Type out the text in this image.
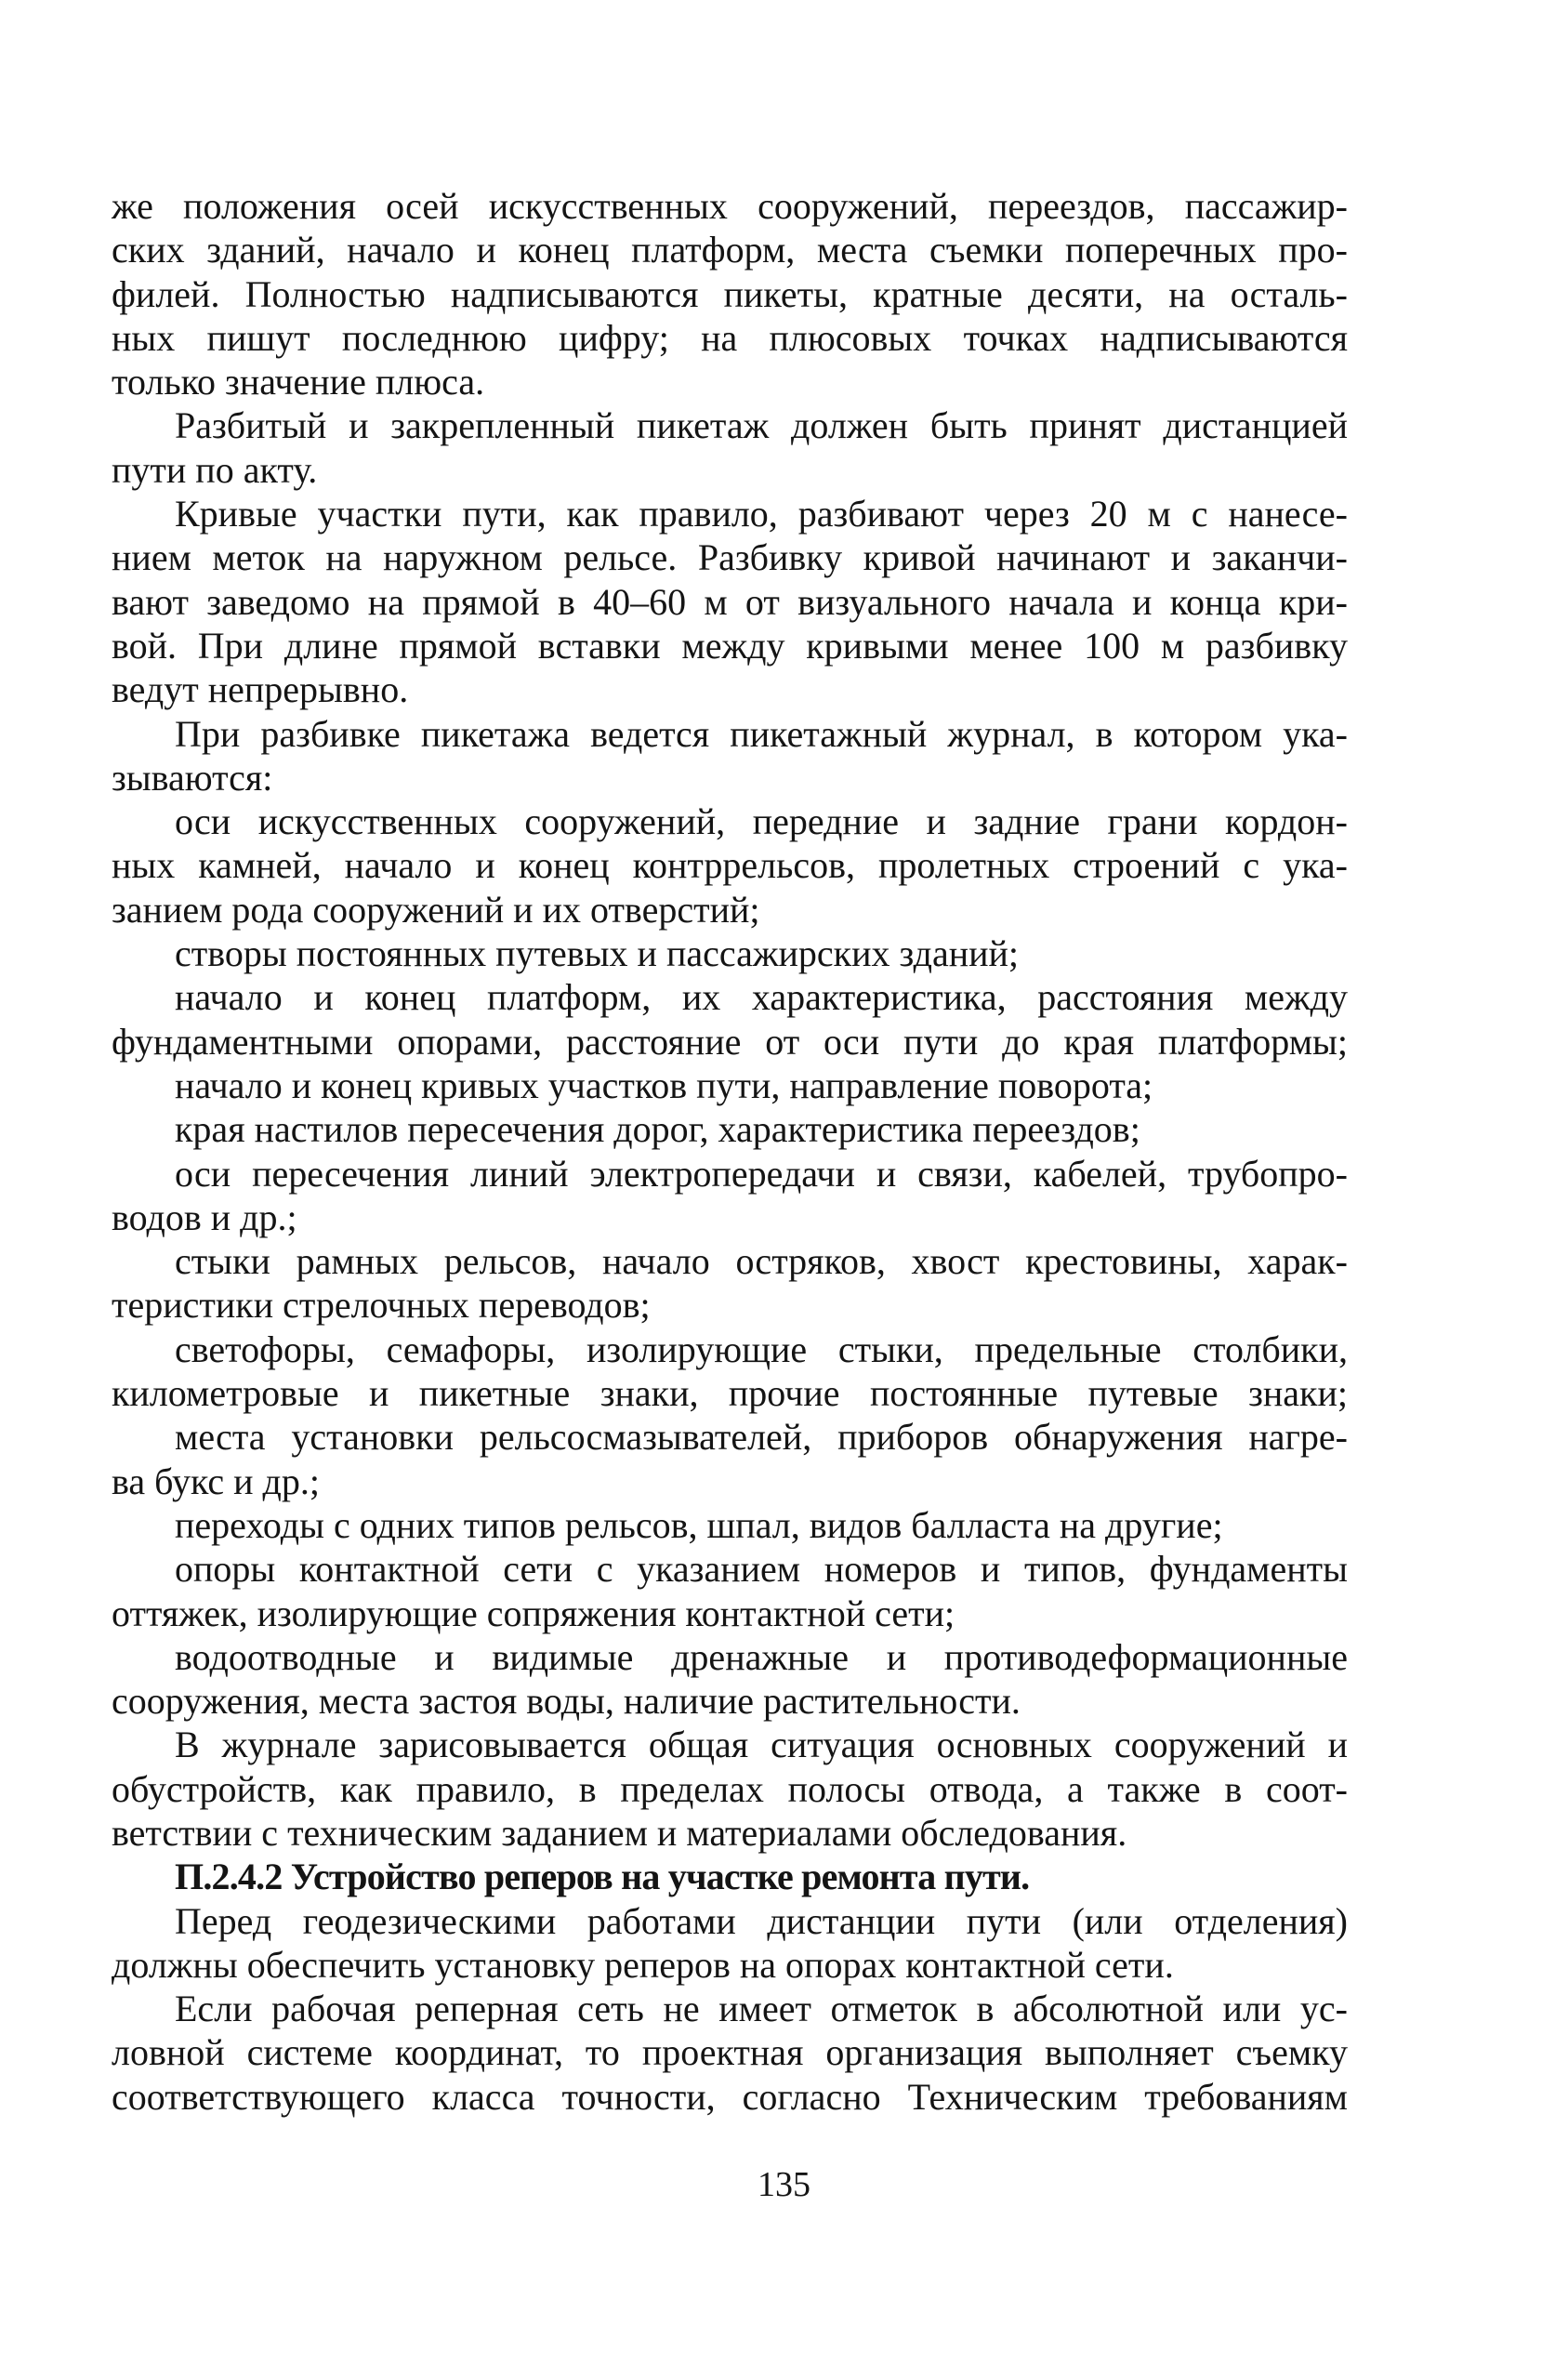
же положения осей искусственных сооружений, переездов, пассажир-
ских зданий, начало и конец платформ, места съемки поперечных про-
филей. Полностью надписываются пикеты, кратные десяти, на осталь-
ных пишут последнюю цифру; на плюсовых точках надписываются
только значение плюса.
Разбитый и закрепленный пикетаж должен быть принят дистанцией
пути по акту.
Кривые участки пути, как правило, разбивают через 20 м с нанесе-
нием меток на наружном рельсе. Разбивку кривой начинают и заканчи-
вают заведомо на прямой в 40–60 м от визуального начала и конца кри-
вой. При длине прямой вставки между кривыми менее 100 м разбивку
ведут непрерывно.
При разбивке пикетажа ведется пикетажный журнал, в котором ука-
зываются:
оси искусственных сооружений, передние и задние грани кордон-
ных камней, начало и конец контррельсов, пролетных строений с ука-
занием рода сооружений и их отверстий;
створы постоянных путевых и пассажирских зданий;
начало и конец платформ, их характеристика, расстояния между
фундаментными опорами, расстояние от оси пути до края платформы;
начало и конец кривых участков пути, направление поворота;
края настилов пересечения дорог, характеристика переездов;
оси пересечения линий электропередачи и связи, кабелей, трубопро-
водов и др.;
стыки рамных рельсов, начало остряков, хвост крестовины, харак-
теристики стрелочных переводов;
светофоры, семафоры, изолирующие стыки, предельные столбики,
километровые и пикетные знаки, прочие постоянные путевые знаки;
места установки рельсосмазывателей, приборов обнаружения нагре-
ва букс и др.;
переходы с одних типов рельсов, шпал, видов балласта на другие;
опоры контактной сети с указанием номеров и типов, фундаменты
оттяжек, изолирующие сопряжения контактной сети;
водоотводные и видимые дренажные и противодеформационные
сооружения, места застоя воды, наличие растительности.
В журнале зарисовывается общая ситуация основных сооружений и
обустройств, как правило, в пределах полосы отвода, а также в соот-
ветствии с техническим заданием и материалами обследования.
П.2.4.2 Устройство реперов на участке ремонта пути.
Перед геодезическими работами дистанции пути (или отделения)
должны обеспечить установку реперов на опорах контактной сети.
Если рабочая реперная сеть не имеет отметок в абсолютной или ус-
ловной системе координат, то проектная организация выполняет съемку
соответствующего класса точности, согласно Техническим требованиям
135
